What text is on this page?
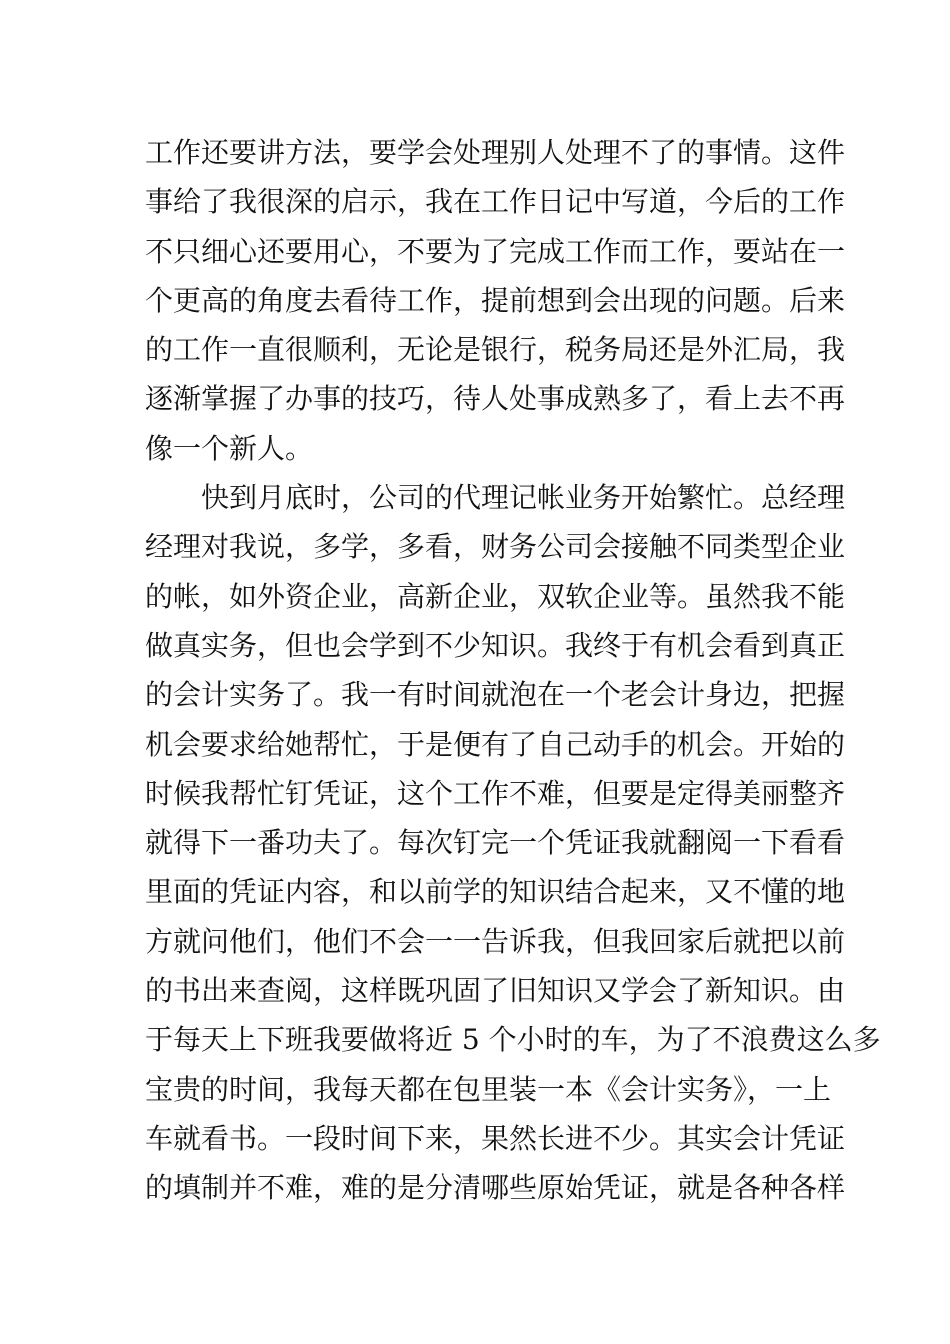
工作还要讲方法，要学会处理别人处理不了的事情。这件
事给了我很深的启示，我在工作日记中写道，今后的工作
不只细心还要用心，不要为了完成工作而工作，要站在一
个更高的角度去看待工作，提前想到会出现的问题。后来
的工作一直很顺利，无论是银行，税务局还是外汇局，我
逐渐掌握了办事的技巧，待人处事成熟多了，看上去不再
像一个新人。
快到月底时，公司的代理记帐业务开始繁忙。总经理
经理对我说，多学，多看，财务公司会接触不同类型企业
的帐，如外资企业，高新企业，双软企业等。虽然我不能
做真实务，但也会学到不少知识。我终于有机会看到真正
的会计实务了。我一有时间就泡在一个老会计身边，把握
机会要求给她帮忙，于是便有了自己动手的机会。开始的
时候我帮忙钉凭证，这个工作不难，但要是定得美丽整齐
就得下一番功夫了。每次钉完一个凭证我就翻阅一下看看
里面的凭证内容，和以前学的知识结合起来，又不懂的地
方就问他们，他们不会一一告诉我，但我回家后就把以前
的书出来查阅，这样既巩固了旧知识又学会了新知识。由
于每天上下班我要做将近 5 个小时的车，为了不浪费这么多
宝贵的时间，我每天都在包里装一本《会计实务》，一上
车就看书。一段时间下来，果然长进不少。其实会计凭证
的填制并不难，难的是分清哪些原始凭证，就是各种各样
